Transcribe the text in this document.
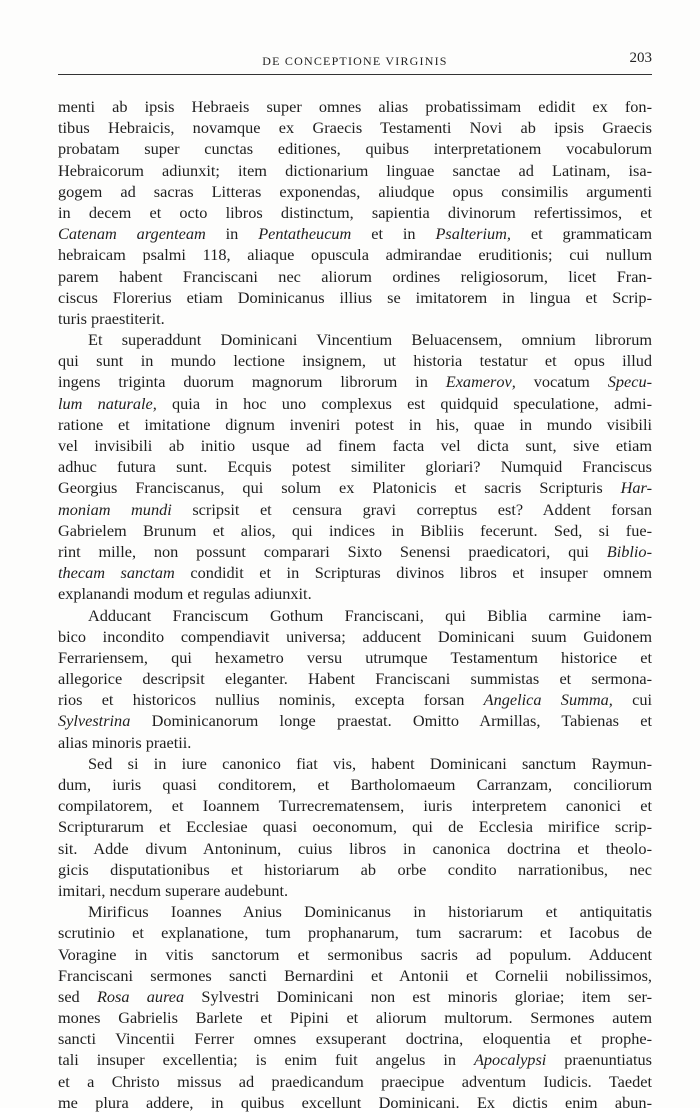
DE CONCEPTIONE VIRGINIS	203
menti ab ipsis Hebraeis super omnes alias probatissimam edidit ex fon-
tibus Hebraicis, novamque ex Graecis Testamenti Novi ab ipsis Graecis
probatam super cunctas editiones, quibus interpretationem vocabulorum
Hebraicorum adiunxit; item dictionarium linguae sanctae ad Latinam, isa-
gogem ad sacras Litteras exponendas, aliudque opus consimilis argumenti
in decem et octo libros distinctum, sapientia divinorum refertissimos, et
Catenam argenteam in Pentatheucum et in Psalterium, et grammaticam
hebraicam psalmi 118, aliaque opuscula admirandae eruditionis; cui nullum
parem habent Franciscani nec aliorum ordines religiosorum, licet Fran-
ciscus Florerius etiam Dominicanus illius se imitatorem in lingua et Scrip-
turis praestiterit.
Et superaddunt Dominicani Vincentium Beluacensem, omnium librorum
qui sunt in mundo lectione insignem, ut historia testatur et opus illud
ingens triginta duorum magnorum librorum in Examerον, vocatum Specu-
lum naturale, quia in hoc uno complexus est quidquid speculatione, admi-
ratione et imitatione dignum inveniri potest in his, quae in mundo visibili
vel invisibili ab initio usque ad finem facta vel dicta sunt, sive etiam
adhuc futura sunt. Ecquis potest similiter gloriari? Numquid Franciscus
Georgius Franciscanus, qui solum ex Platonicis et sacris Scripturis Har-
moniam mundi scripsit et censura gravi correptus est? Addent forsan
Gabrielem Brunum et alios, qui indices in Bibliis fecerunt. Sed, si fue-
rint mille, non possunt comparari Sixto Senensi praedicatori, qui Biblio-
thecam sanctam condidit et in Scripturas divinos libros et insuper omnem
explanandi modum et regulas adiunxit.
Adducant Franciscum Gothum Franciscani, qui Biblia carmine iam-
bico incondito compendiavit universa; adducent Dominicani suum Guidonem
Ferrariensem, qui hexametro versu utrumque Testamentum historice et
allegorice descripsit eleganter. Habent Franciscani summistas et sermona-
rios et historicos nullius nominis, excepta forsan Angelica Summa, cui
Sylvestrina Dominicanorum longe praestat. Omitto Armillas, Tabienas et
alias minoris praetii.
Sed si in iure canonico fiat vis, habent Dominicani sanctum Raymun-
dum, iuris quasi conditorem, et Bartholomaeum Carranzam, conciliorum
compilatorem, et Ioannem Turrecrematensem, iuris interpretem canonici et
Scripturarum et Ecclesiae quasi oeconomum, qui de Ecclesia mirifice scrip-
sit. Adde divum Antoninum, cuius libros in canonica doctrina et theolo-
gicis disputationibus et historiarum ab orbe condito narrationibus, nec
imitari, necdum superare audebunt.
Mirificus Ioannes Anius Dominicanus in historiarum et antiquitatis
scrutinio et explanatione, tum prophanarum, tum sacrarum: et Iacobus de
Voragine in vitis sanctorum et sermonibus sacris ad populum. Adducent
Franciscani sermones sancti Bernardini et Antonii et Cornelii nobilissimos,
sed Rosa aurea Sylvestri Dominicani non est minoris gloriae; item ser-
mones Gabrielis Barlete et Pipini et aliorum multorum. Sermones autem
sancti Vincentii Ferrer omnes exsuperant doctrina, eloquentia et prophe-
tali insuper excellentia; is enim fuit angelus in Apocalypsi praenuntiatus
et a Christo missus ad praedicandum praecipue adventum Iudicis. Taedet
me plura addere, in quibus excellunt Dominicani. Ex dictis enim abun-
